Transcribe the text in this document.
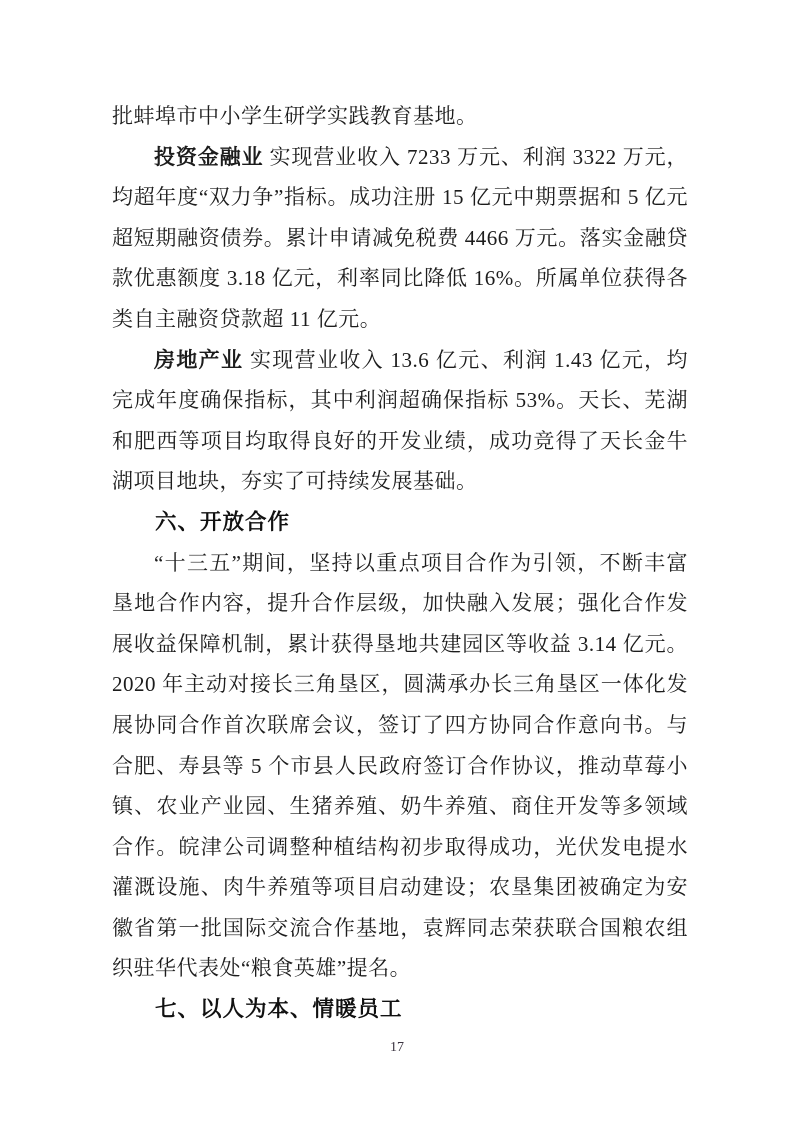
批蚌埠市中小学生研学实践教育基地。

投资金融业 实现营业收入 7233 万元、利润 3322 万元，均超年度“双力争”指标。成功注册 15 亿元中期票据和 5 亿元超短期融资债券。累计申请减免税费 4466 万元。落实金融贷款优惠额度 3.18 亿元，利率同比降低 16%。所属单位获得各类自主融资贷款超 11 亿元。

房地产业 实现营业收入 13.6 亿元、利润 1.43 亿元，均完成年度确保指标，其中利润超确保指标 53%。天长、芜湖和肥西等项目均取得良好的开发业绩，成功竞得了天长金牛湖项目地块，夯实了可持续发展基础。

六、开放合作

“十三五”期间，坚持以重点项目合作为引领，不断丰富垦地合作内容，提升合作层级，加快融入发展；强化合作发展收益保障机制，累计获得垦地共建园区等收益 3.14 亿元。2020 年主动对接长三角垦区，圆满承办长三角垦区一体化发展协同合作首次联席会议，签订了四方协同合作意向书。与合肥、寿县等 5 个市县人民政府签订合作协议，推动草莓小镇、农业产业园、生猪养殖、奶牛养殖、商住开发等多领域合作。皖津公司调整种植结构初步取得成功，光伏发电提水灌溉设施、肉牛养殖等项目启动建设；农垦集团被确定为安徽省第一批国际交流合作基地，袁辉同志荣获联合国粮农组织驻华代表处“粮食英雄”提名。

七、以人为本、情暖员工
17
